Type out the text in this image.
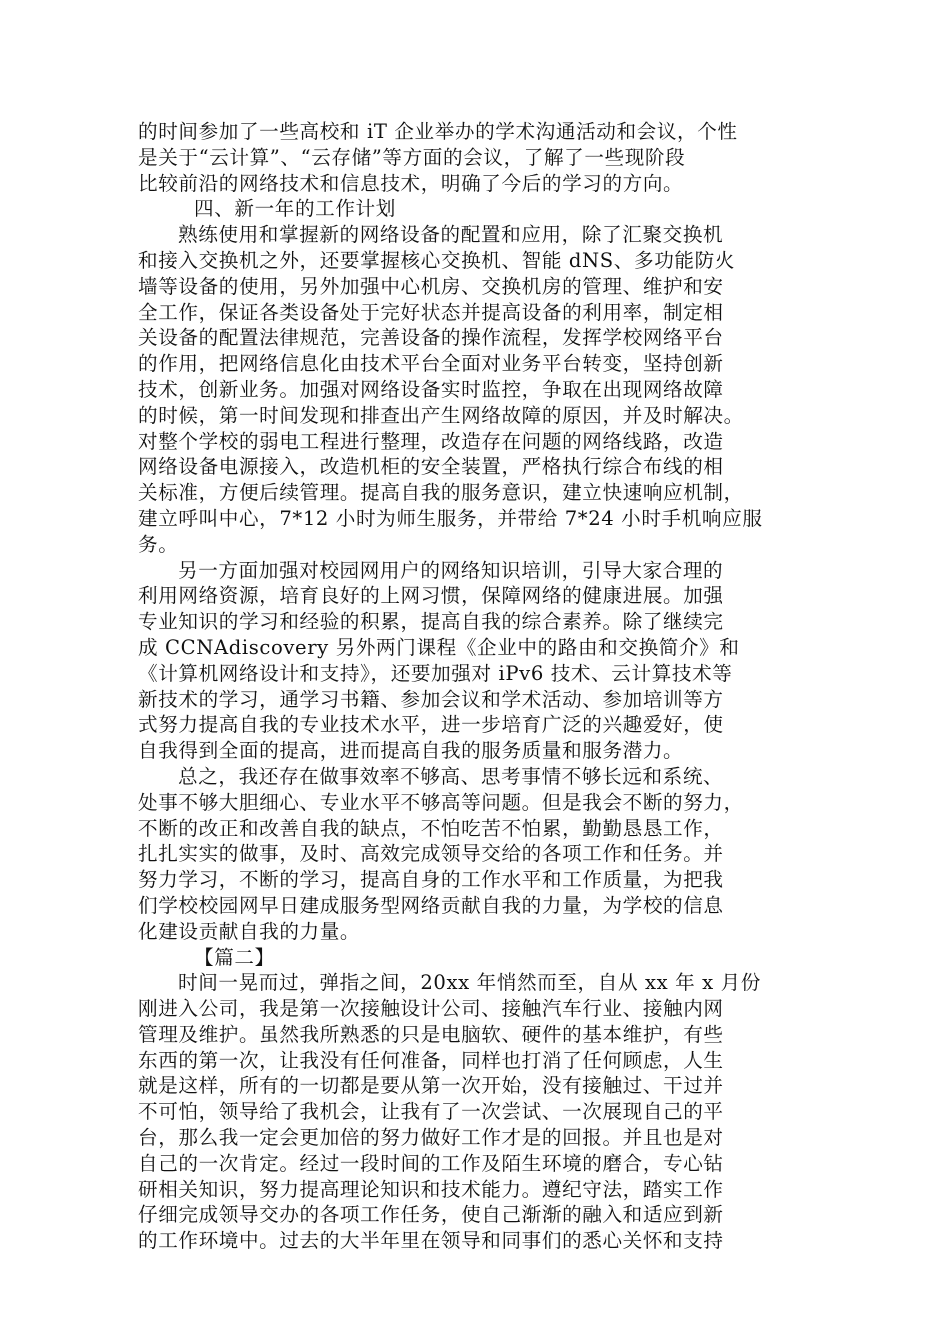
的时间参加了一些高校和 iT 企业举办的学术沟通活动和会议，个性
是关于“云计算”、“云存储”等方面的会议，了解了一些现阶段
比较前沿的网络技术和信息技术，明确了今后的学习的方向。
四、新一年的工作计划
熟练使用和掌握新的网络设备的配置和应用，除了汇聚交换机
和接入交换机之外，还要掌握核心交换机、智能 dNS、多功能防火
墙等设备的使用，另外加强中心机房、交换机房的管理、维护和安
全工作，保证各类设备处于完好状态并提高设备的利用率，制定相
关设备的配置法律规范，完善设备的操作流程，发挥学校网络平台
的作用，把网络信息化由技术平台全面对业务平台转变，坚持创新
技术，创新业务。加强对网络设备实时监控，争取在出现网络故障
的时候，第一时间发现和排查出产生网络故障的原因，并及时解决。
对整个学校的弱电工程进行整理，改造存在问题的网络线路，改造
网络设备电源接入，改造机柜的安全装置，严格执行综合布线的相
关标准，方便后续管理。提高自我的服务意识，建立快速响应机制，
建立呼叫中心，7*12 小时为师生服务，并带给 7*24 小时手机响应服
务。
另一方面加强对校园网用户的网络知识培训，引导大家合理的
利用网络资源，培育良好的上网习惯，保障网络的健康进展。加强
专业知识的学习和经验的积累，提高自我的综合素养。除了继续完
成 CCNAdiscovery 另外两门课程《企业中的路由和交换简介》和
《计算机网络设计和支持》，还要加强对 iPv6 技术、云计算技术等
新技术的学习，通学习书籍、参加会议和学术活动、参加培训等方
式努力提高自我的专业技术水平，进一步培育广泛的兴趣爱好，使
自我得到全面的提高，进而提高自我的服务质量和服务潜力。
总之，我还存在做事效率不够高、思考事情不够长远和系统、
处事不够大胆细心、专业水平不够高等问题。但是我会不断的努力，
不断的改正和改善自我的缺点，不怕吃苦不怕累，勤勤恳恳工作，
扎扎实实的做事，及时、高效完成领导交给的各项工作和任务。并
努力学习，不断的学习，提高自身的工作水平和工作质量，为把我
们学校校园网早日建成服务型网络贡献自我的力量，为学校的信息
化建设贡献自我的力量。
【篇二】
时间一晃而过，弹指之间，20xx 年悄然而至，自从 xx 年 x 月份
刚进入公司，我是第一次接触设计公司、接触汽车行业、接触内网
管理及维护。虽然我所熟悉的只是电脑软、硬件的基本维护，有些
东西的第一次，让我没有任何准备，同样也打消了任何顾虑，人生
就是这样，所有的一切都是要从第一次开始，没有接触过、干过并
不可怕，领导给了我机会，让我有了一次尝试、一次展现自己的平
台，那么我一定会更加倍的努力做好工作才是的回报。并且也是对
自己的一次肯定。经过一段时间的工作及陌生环境的磨合，专心钻
研相关知识，努力提高理论知识和技术能力。遵纪守法，踏实工作
仔细完成领导交办的各项工作任务，使自己渐渐的融入和适应到新
的工作环境中。过去的大半年里在领导和同事们的悉心关怀和支持
